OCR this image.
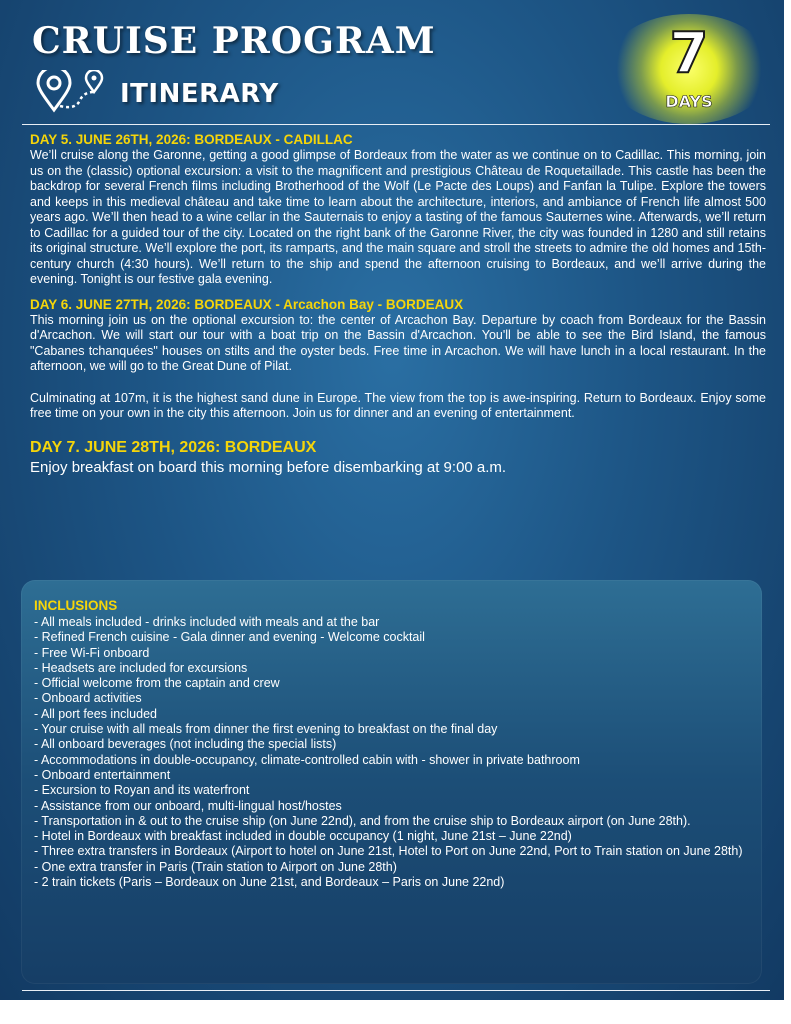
CRUISE PROGRAM
ITINERARY
7
DAYS
DAY 5. JUNE 26TH, 2026: BORDEAUX - CADILLAC

We’ll cruise along the Garonne, getting a good glimpse of Bordeaux from the water as we continue on to Cadillac. This morning, join us on the (classic) optional excursion: a visit to the magnificent and prestigious Château de Roquetaillade. This castle has been the backdrop for several French films including Brotherhood of the Wolf (Le Pacte des Loups) and Fanfan la Tulipe. Explore the towers and keeps in this medieval château and take time to learn about the architecture, interiors, and ambiance of French life almost 500 years ago. We’ll then head to a wine cellar in the Sauternais to enjoy a tasting of the famous Sauternes wine. Afterwards, we’ll return to Cadillac for a guided tour of the city. Located on the right bank of the Garonne River, the city was founded in 1280 and still retains its original structure. We’ll explore the port, its ramparts, and the main square and stroll the streets to admire the old homes and 15th-century church (4:30 hours). We’ll return to the ship and spend the afternoon cruising to Bordeaux, and we’ll arrive during the evening. Tonight is our festive gala evening.

DAY 6. JUNE 27TH, 2026: BORDEAUX - Arcachon Bay - BORDEAUX

This morning join us on the optional excursion to: the center of Arcachon Bay. Departure by coach from Bordeaux for the Bassin d'Arcachon. We will start our tour with a boat trip on the Bassin d'Arcachon. You'll be able to see the Bird Island, the famous "Cabanes tchanquées" houses on stilts and the oyster beds. Free time in Arcachon. We will have lunch in a local restaurant. In the afternoon, we will go to the Great Dune of Pilat.

Culminating at 107m, it is the highest sand dune in Europe. The view from the top is awe-inspiring. Return to Bordeaux. Enjoy some free time on your own in the city this afternoon. Join us for dinner and an evening of entertainment.

DAY 7. JUNE 28TH, 2026: BORDEAUX

Enjoy breakfast on board this morning before disembarking at 9:00 a.m.

INCLUSIONS
- All meals included - drinks included with meals and at the bar
- Refined French cuisine - Gala dinner and evening - Welcome cocktail
- Free Wi-Fi onboard
- Headsets are included for excursions
- Official welcome from the captain and crew
- Onboard activities
- All port fees included
- Your cruise with all meals from dinner the first evening to breakfast on the final day
- All onboard beverages (not including the special lists)
- Accommodations in double-occupancy, climate-controlled cabin with - shower in private bathroom
- Onboard entertainment
- Excursion to Royan and its waterfront
- Assistance from our onboard, multi-lingual host/hostes
- Transportation in & out to the cruise ship (on June 22nd), and from the cruise ship to Bordeaux airport (on June 28th).
- Hotel in Bordeaux with breakfast included in double occupancy (1 night, June 21st – June 22nd)
- Three extra transfers in Bordeaux (Airport to hotel on June 21st, Hotel to Port on June 22nd, Port to Train station on June 28th)
- One extra transfer in Paris (Train station to Airport on June 28th)
- 2 train tickets (Paris – Bordeaux on June 21st, and Bordeaux – Paris on June 22nd)
